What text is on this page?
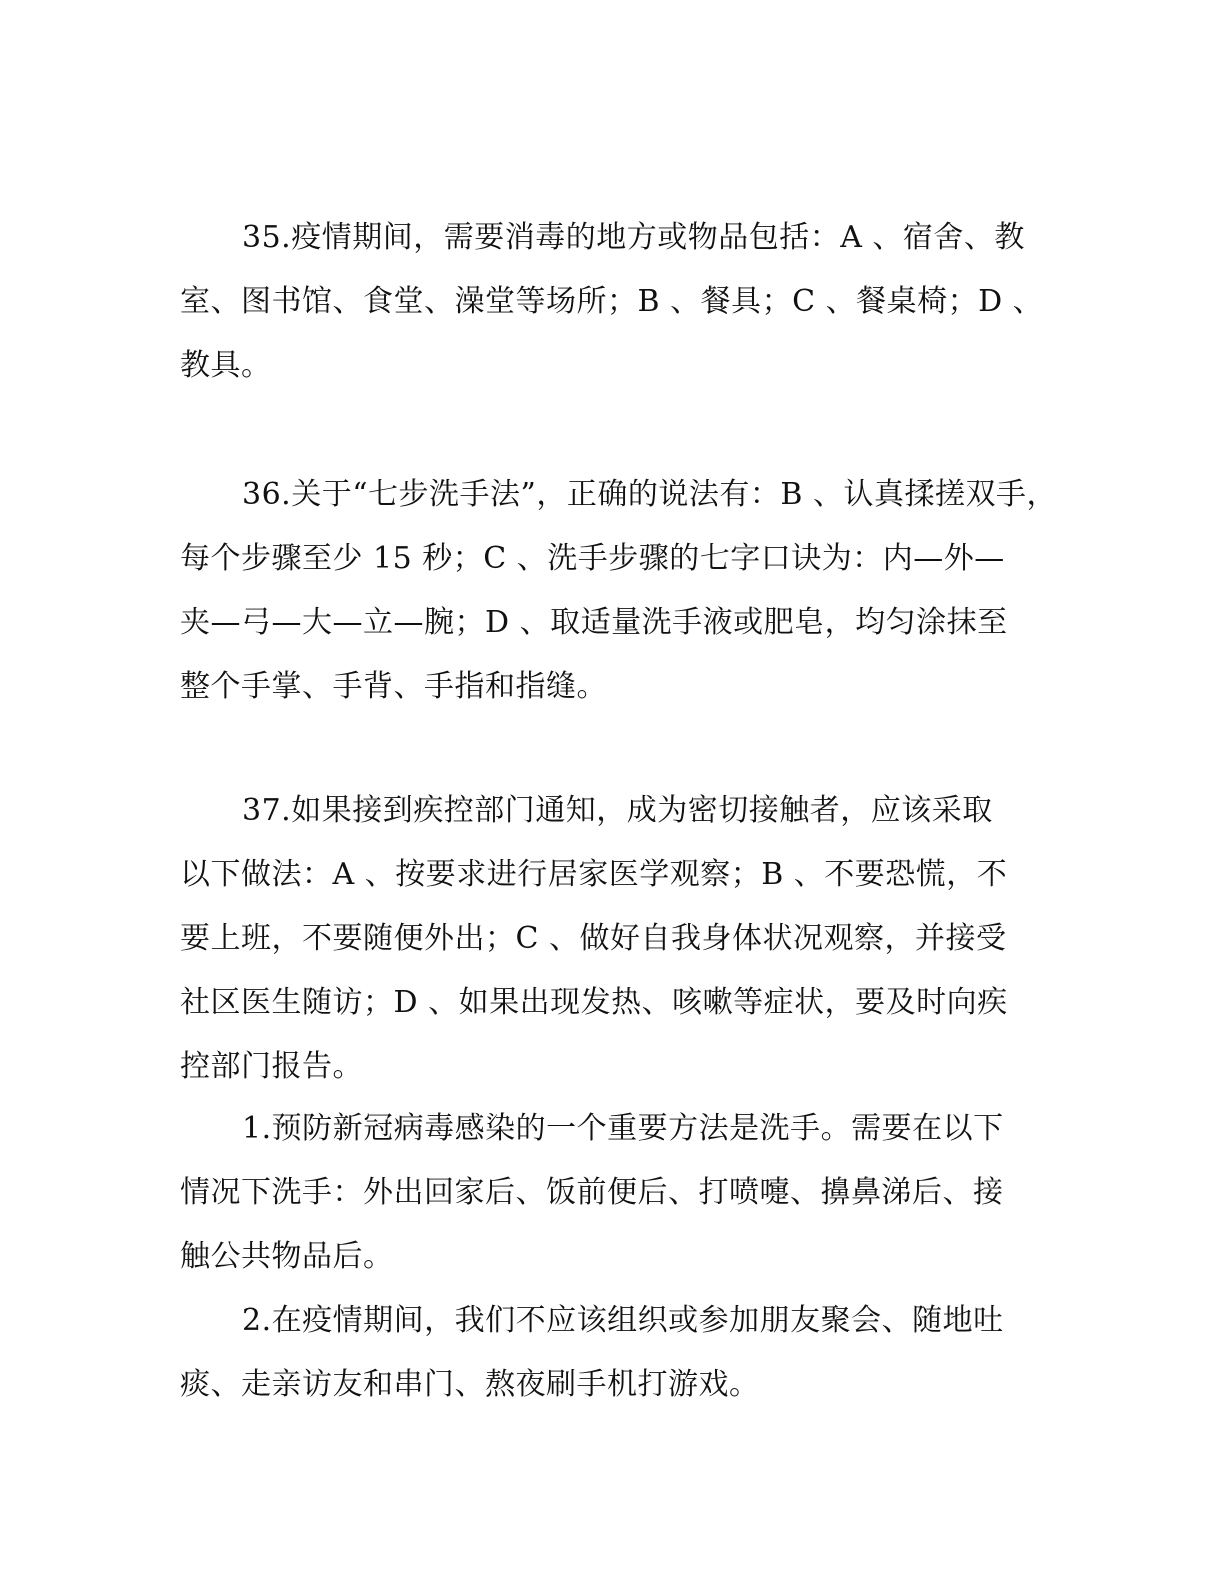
35.疫情期间，需要消毒的地方或物品包括：A 、宿舍、教

室、图书馆、食堂、澡堂等场所；B 、餐具；C 、餐桌椅；D 、

教具。

36.关于“七步洗手法”，正确的说法有：B 、认真揉搓双手，

每个步骤至少 15 秒；C 、洗手步骤的七字口诀为：内—外—

夹—弓—大—立—腕；D 、取适量洗手液或肥皂，均匀涂抹至

整个手掌、手背、手指和指缝。

37.如果接到疾控部门通知，成为密切接触者，应该采取

以下做法：A 、按要求进行居家医学观察；B 、不要恐慌，不

要上班，不要随便外出；C 、做好自我身体状况观察，并接受

社区医生随访；D 、如果出现发热、咳嗽等症状，要及时向疾

控部门报告。

1.预防新冠病毒感染的一个重要方法是洗手。需要在以下

情况下洗手：外出回家后、饭前便后、打喷嚏、擤鼻涕后、接

触公共物品后。

2.在疫情期间，我们不应该组织或参加朋友聚会、随地吐

痰、走亲访友和串门、熬夜刷手机打游戏。
